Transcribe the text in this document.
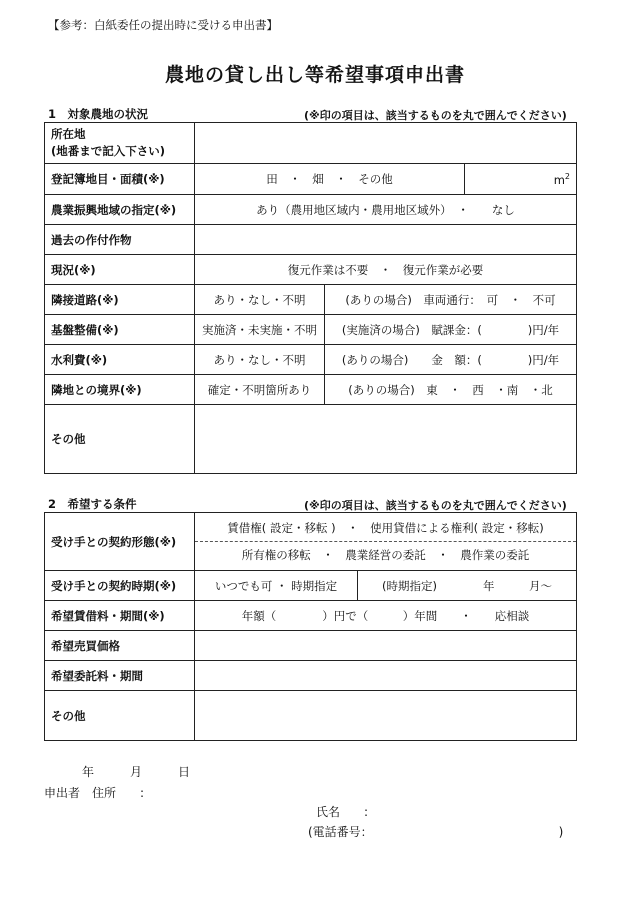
【参考：白紙委任の提出時に受ける申出書】
農地の貸し出し等希望事項申出書
1　対象農地の状況	(※印の項目は、該当するものを丸で囲んでください)
所在地
(地番まで記入下さい)			

登記簿地目・面積(※)	田　・　畑　・　その他		$m^2$
農業振興地域の指定(※)	あり（農用地区域内・農用地区域外）　・　　なし		
過去の作付作物			
現況(※)	復元作業は不要　・　復元作業が必要		
隣接道路(※)	あり・なし・不明	(ありの場合)　車両通行：　可　・　不可	
基盤整備(※)	実施済・未実施・不明	(実施済の場合)　賦課金：(　　　　)円/年	
水利費(※)	あり・なし・不明	(ありの場合)　　金　額：(　　　　)円/年	
隣地との境界(※)	確定・不明箇所あり	(ありの場合)　東　・　西　・南　・北	
その他			
2　希望する条件	(※印の項目は、該当するものを丸で囲んでください)
受け手との契約形態(※)	賃借権( 設定・移転 )　・　使用貸借による権利( 設定・移転)
所有権の移転　・　農業経営の委託　・　農作業の委託	

受け手との契約時期(※)	いつでも可 ・ 時期指定	(時期指定)　　　　年　　　月～
希望賃借料・期間(※)	年額（　　　　）円で（　　　）年間　　・　　応相談	
希望売買価格		
希望委託料・期間		
その他		
年　　　月　　　日
申出者　住所　　:
氏名　　:
(電話番号：　　　　　　　　　　　　　　　　)
